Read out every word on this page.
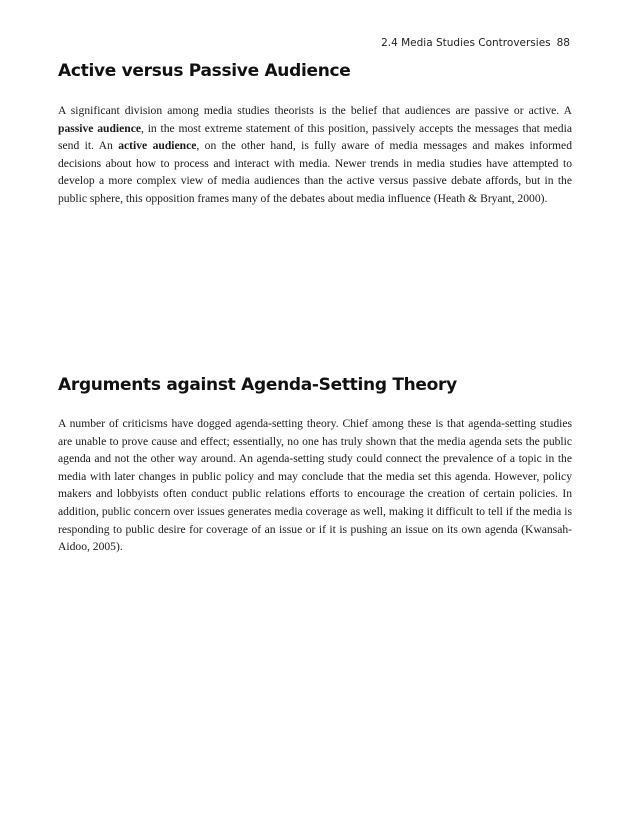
2.4 Media Studies Controversies 88
Active versus Passive Audience

A significant division among media studies theorists is the belief that audiences are passive or active. A passive audience, in the most extreme statement of this position, passively accepts the messages that media send it. An active audience, on the other hand, is fully aware of media messages and makes informed decisions about how to process and interact with media. Newer trends in media studies have attempted to develop a more complex view of media audiences than the active versus passive debate affords, but in the public sphere, this opposition frames many of the debates about media influence (Heath & Bryant, 2000).

Arguments against Agenda-Setting Theory

A number of criticisms have dogged agenda-setting theory. Chief among these is that agenda-setting studies are unable to prove cause and effect; essentially, no one has truly shown that the media agenda sets the public agenda and not the other way around. An agenda-setting study could connect the prevalence of a topic in the media with later changes in public policy and may conclude that the media set this agenda. However, policy makers and lobbyists often conduct public relations efforts to encourage the creation of certain policies. In addition, public concern over issues generates media coverage as well, making it difficult to tell if the media is responding to public desire for coverage of an issue or if it is pushing an issue on its own agenda (Kwansah-Aidoo, 2005).
